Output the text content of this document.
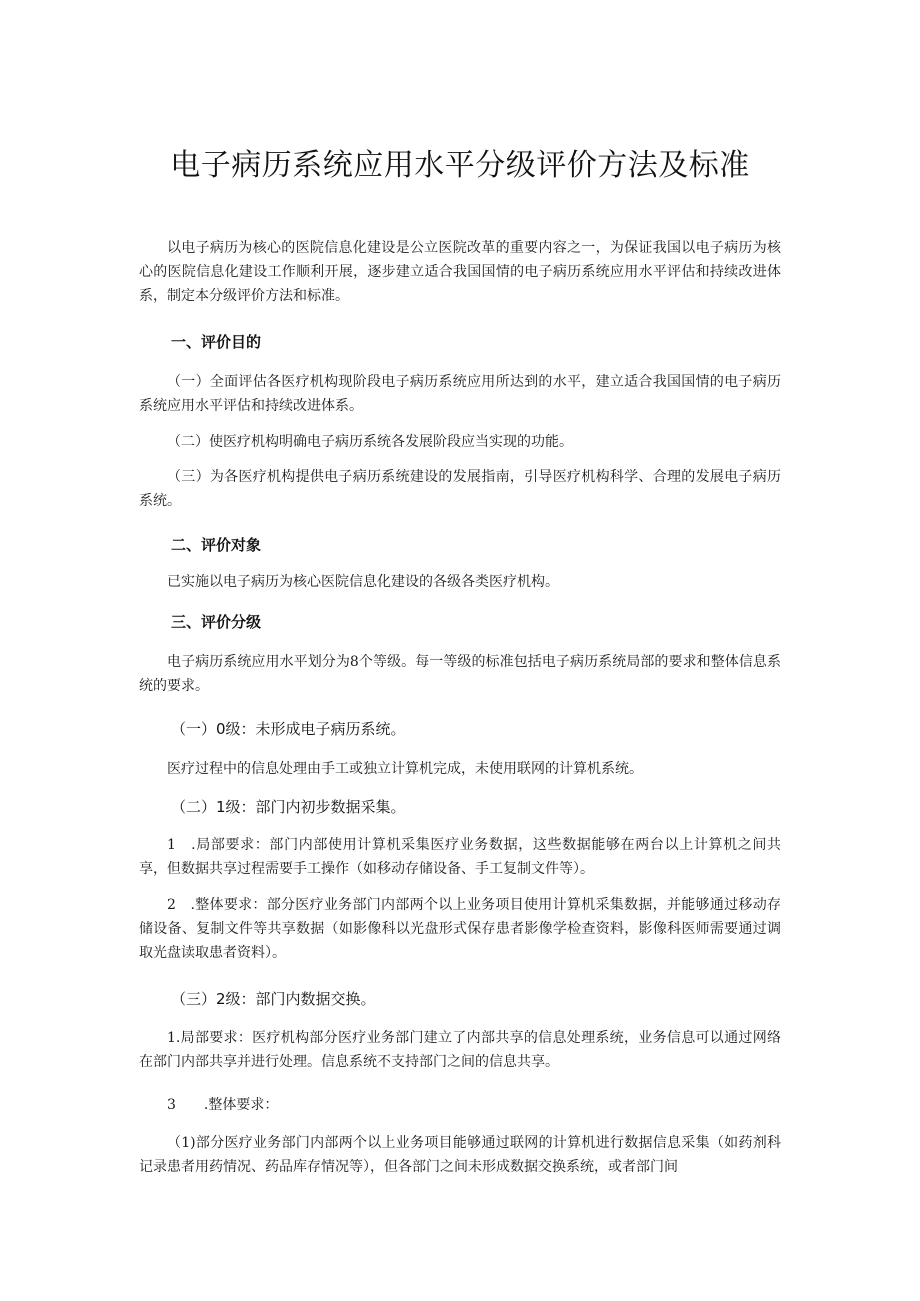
电子病历系统应用水平分级评价方法及标准
以电子病历为核心的医院信息化建设是公立医院改革的重要内容之一，为保证我国以电子病历为核心的医院信息化建设工作顺利开展，逐步建立适合我国国情的电子病历系统应用水平评估和持续改进体系，制定本分级评价方法和标准。
一、评价目的
（一）全面评估各医疗机构现阶段电子病历系统应用所达到的水平，建立适合我国国情的电子病历系统应用水平评估和持续改进体系。
（二）使医疗机构明确电子病历系统各发展阶段应当实现的功能。
（三）为各医疗机构提供电子病历系统建设的发展指南，引导医疗机构科学、合理的发展电子病历系统。
二、评价对象
已实施以电子病历为核心医院信息化建设的各级各类医疗机构。
三、评价分级
电子病历系统应用水平划分为8个等级。每一等级的标准包括电子病历系统局部的要求和整体信息系统的要求。
（一）0级：未形成电子病历系统。
医疗过程中的信息处理由手工或独立计算机完成，未使用联网的计算机系统。
（二）1级：部门内初步数据采集。
1　.局部要求：部门内部使用计算机采集医疗业务数据，这些数据能够在两台以上计算机之间共享，但数据共享过程需要手工操作（如移动存储设备、手工复制文件等）。
2　.整体要求：部分医疗业务部门内部两个以上业务项目使用计算机采集数据，并能够通过移动存储设备、复制文件等共享数据（如影像科以光盘形式保存患者影像学检查资料，影像科医师需要通过调取光盘读取患者资料）。
（三）2级：部门内数据交换。
1.局部要求：医疗机构部分医疗业务部门建立了内部共享的信息处理系统，业务信息可以通过网络在部门内部共享并进行处理。信息系统不支持部门之间的信息共享。
3　　.整体要求：
（1)部分医疗业务部门内部两个以上业务项目能够通过联网的计算机进行数据信息采集（如药剂科记录患者用药情况、药品库存情况等），但各部门之间未形成数据交换系统，或者部门间
